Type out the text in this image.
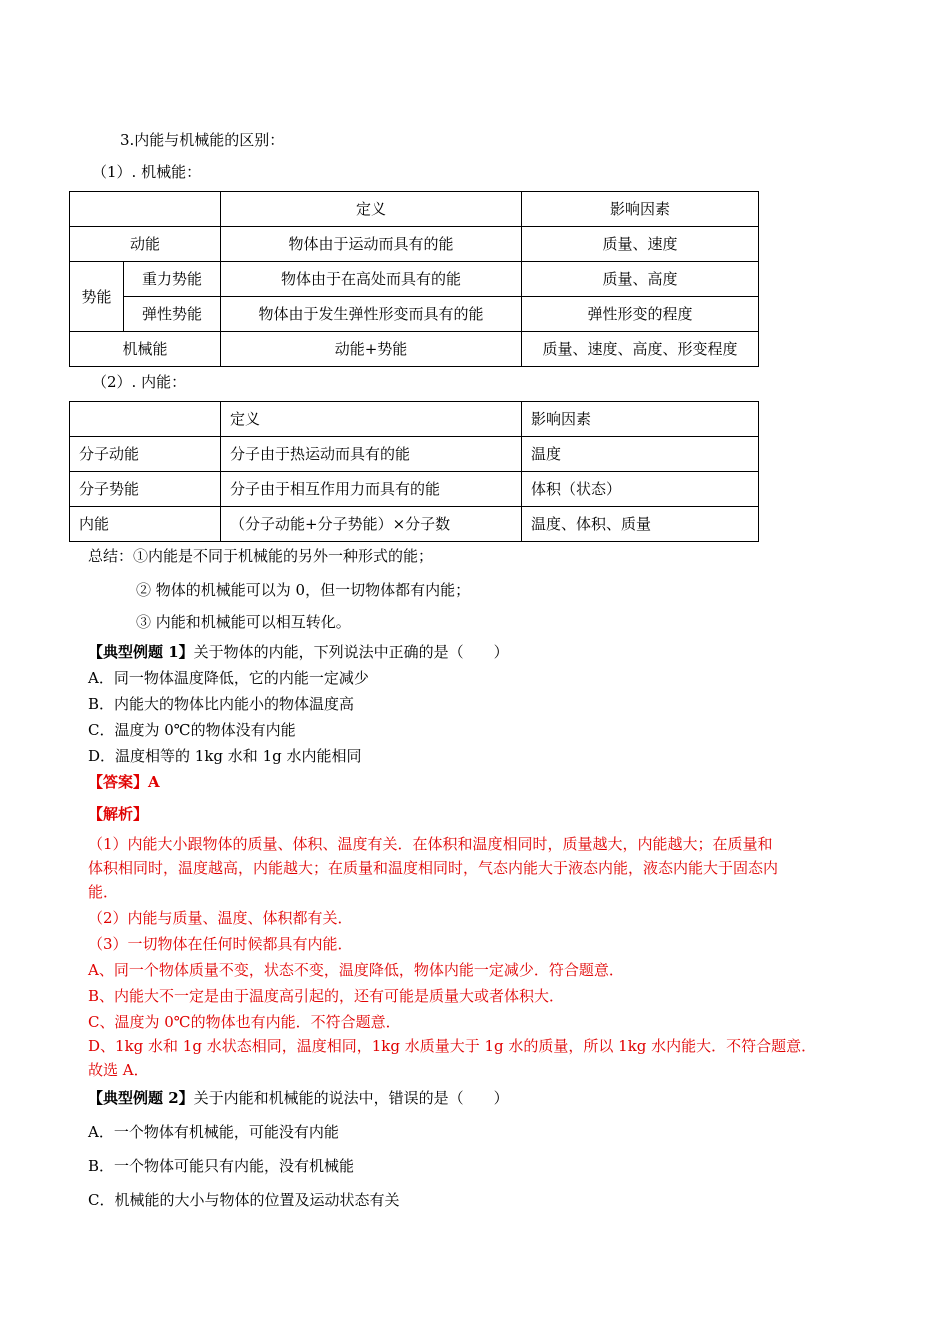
3.内能与机械能的区别：
（1）. 机械能：
		定义	影响因素
动能		物体由于运动而具有的能	质量、速度
势能	重力势能	物体由于在高处而具有的能	质量、高度
	弹性势能	物体由于发生弹性形变而具有的能	弹性形变的程度
机械能		动能+势能	质量、速度、高度、形变程度
（2）. 内能：
	定义	影响因素
分子动能	分子由于热运动而具有的能	温度
分子势能	分子由于相互作用力而具有的能	体积（状态）
内能	（分子动能+分子势能）×分子数	温度、体积、质量
总结：①内能是不同于机械能的另外一种形式的能；
② 物体的机械能可以为 0，但一切物体都有内能；
③ 内能和机械能可以相互转化。
【典型例题 1】关于物体的内能，下列说法中正确的是（　　）
A．同一物体温度降低，它的内能一定减少
B．内能大的物体比内能小的物体温度高
C．温度为 0℃的物体没有内能
D．温度相等的 1kg 水和 1g 水内能相同
【答案】A
【解析】
（1）内能大小跟物体的质量、体积、温度有关．在体积和温度相同时，质量越大，内能越大；在质量和
体积相同时，温度越高，内能越大；在质量和温度相同时，气态内能大于液态内能，液态内能大于固态内
能．
（2）内能与质量、温度、体积都有关．
（3）一切物体在任何时候都具有内能．
A、同一个物体质量不变，状态不变，温度降低，物体内能一定减少．符合题意．
B、内能大不一定是由于温度高引起的，还有可能是质量大或者体积大．
C、温度为 0℃的物体也有内能．不符合题意．
D、1kg 水和 1g 水状态相同，温度相同，1kg 水质量大于 1g 水的质量，所以 1kg 水内能大．不符合题意．
故选 A．
【典型例题 2】关于内能和机械能的说法中，错误的是（　　）
A．一个物体有机械能，可能没有内能
B．一个物体可能只有内能，没有机械能
C．机械能的大小与物体的位置及运动状态有关
